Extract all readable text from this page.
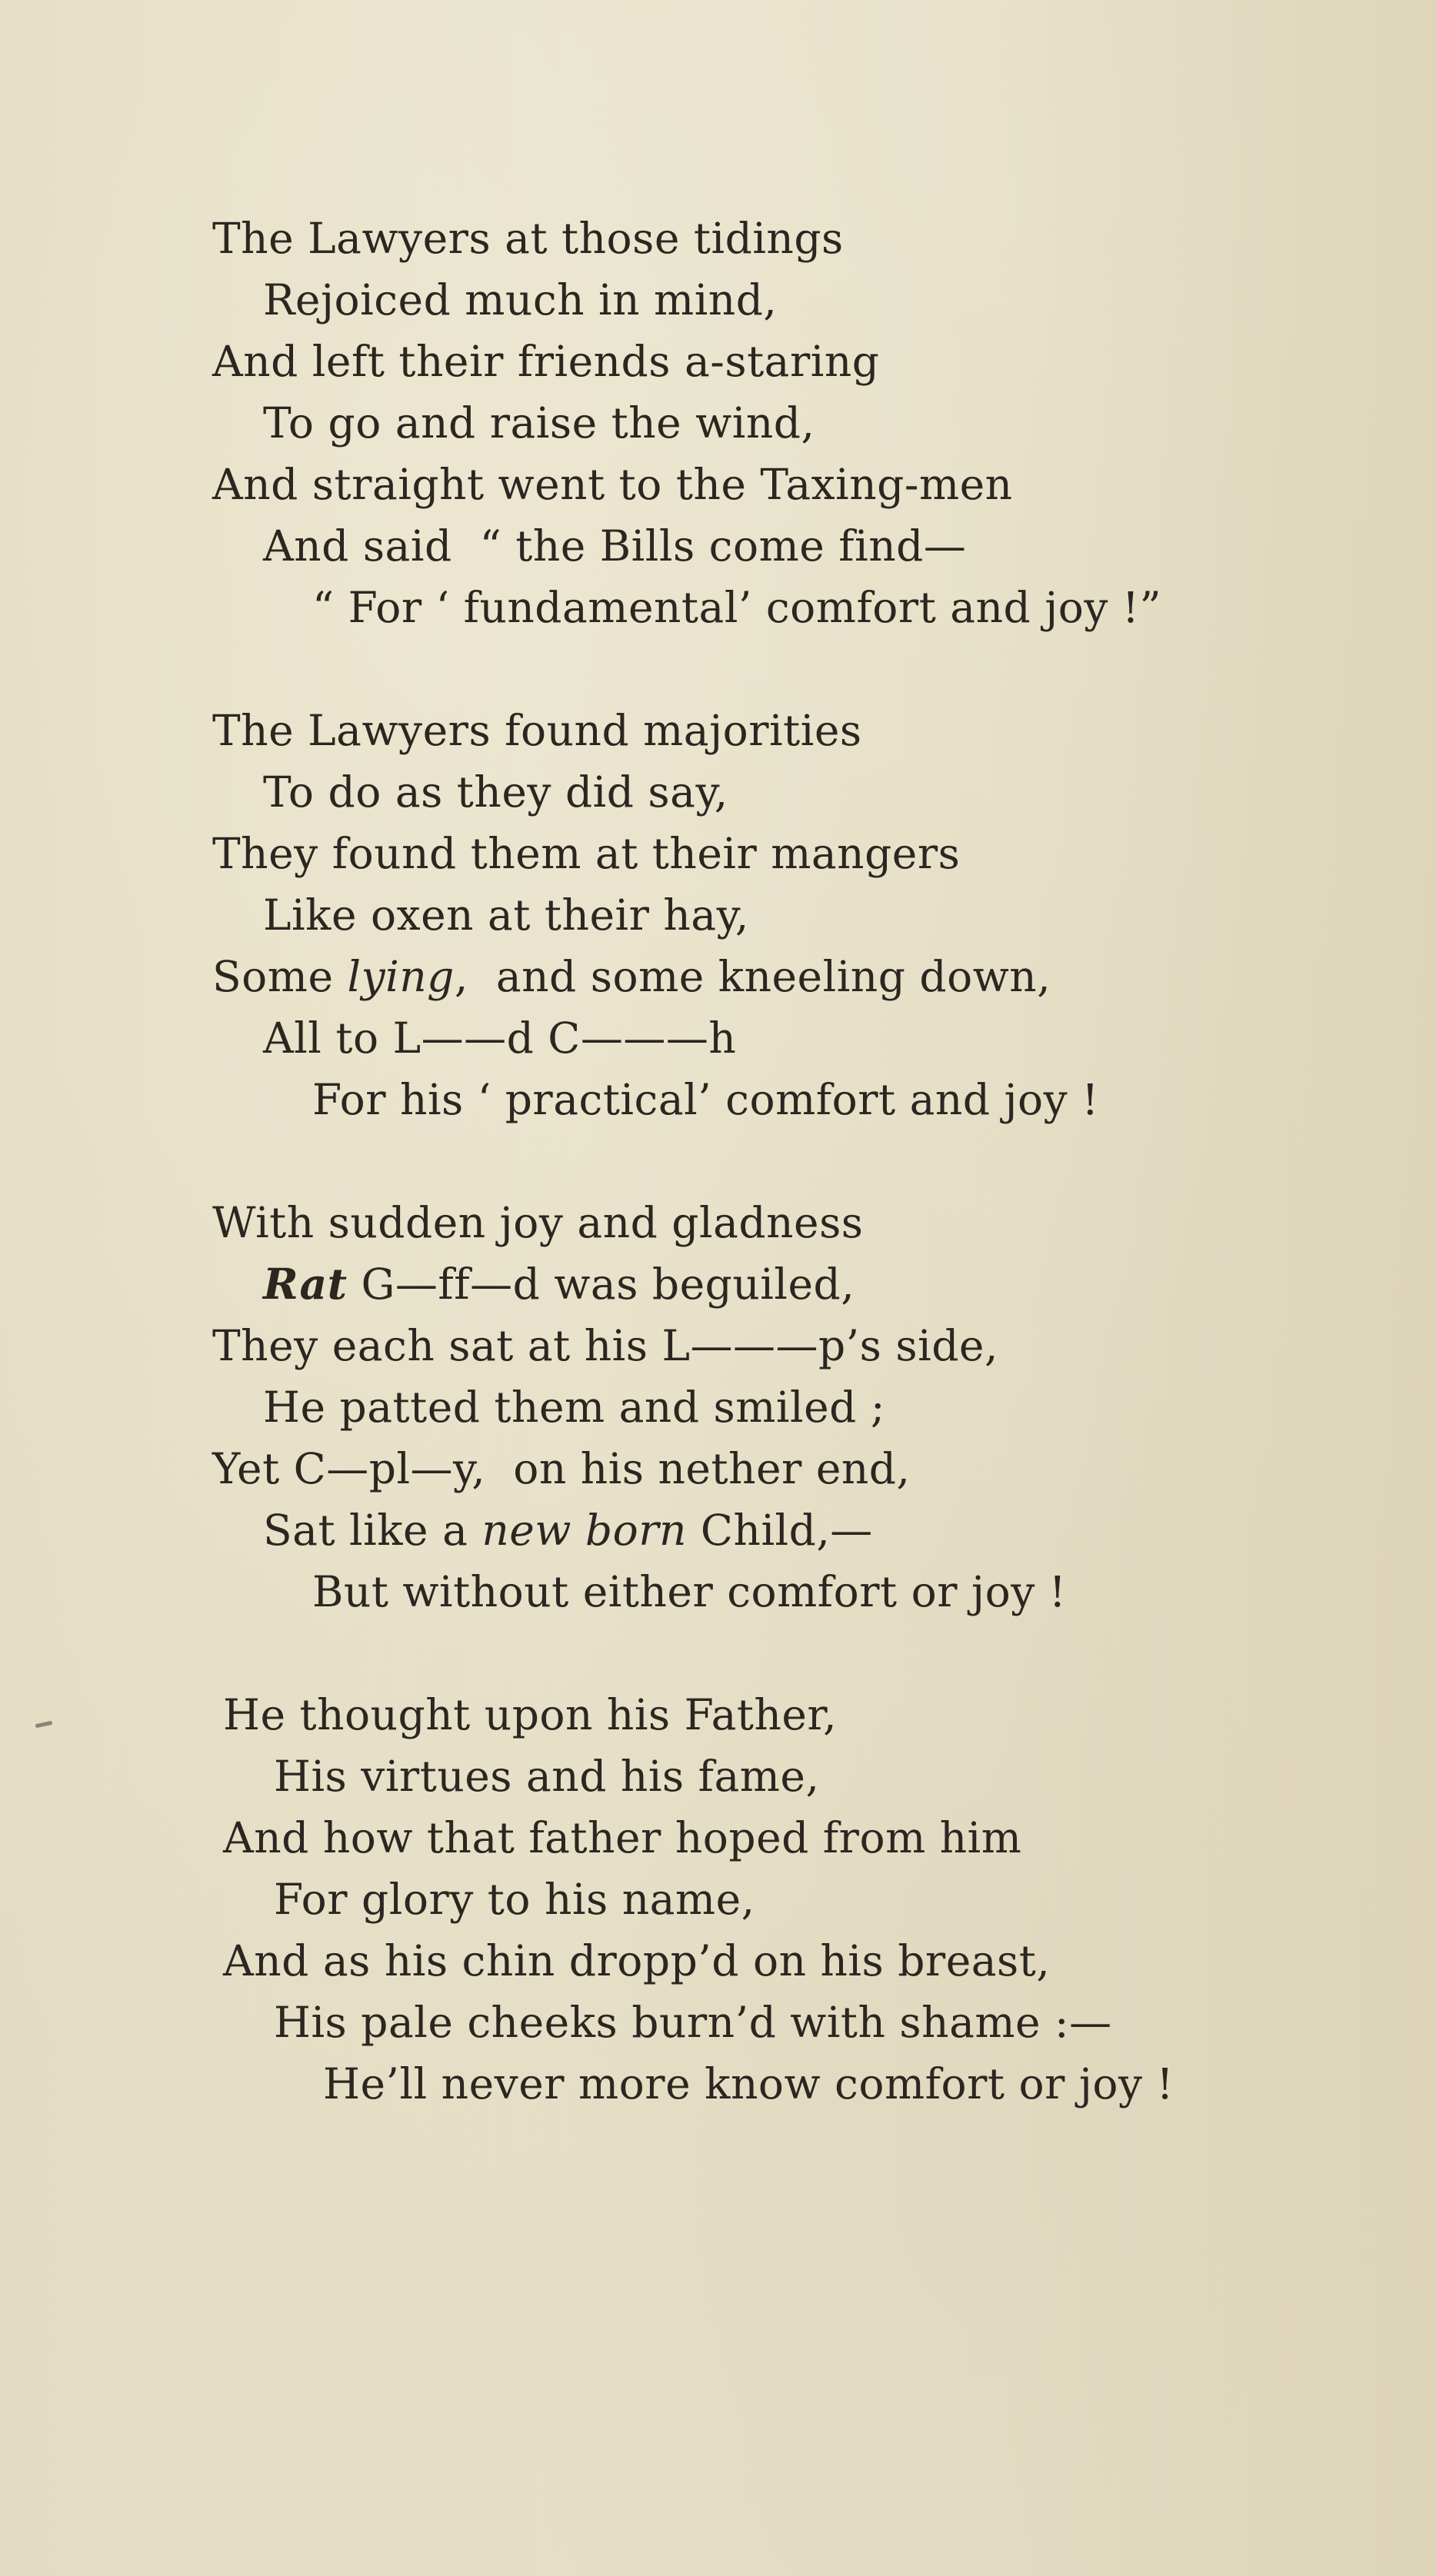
The Lawyers at those tidings
Rejoiced much in mind,
And left their friends a-staring
To go and raise the wind,
And straight went to the Taxing-men
And said  “ the Bills come find—
“ For ‘ fundamental’ comfort and joy !”
The Lawyers found majorities
To do as they did say,
They found them at their mangers
Like oxen at their hay,
Some lying,  and some kneeling down,
All to L——d C———h
For his ‘ practical’ comfort and joy !
With sudden joy and gladness
Rat G—ff—d was beguiled,
They each sat at his L———p’s side,
He patted them and smiled ;
Yet C—pl—y,  on his nether end,
Sat like a new born Child,—
But without either comfort or joy !
He thought upon his Father,
His virtues and his fame,
And how that father hoped from him
For glory to his name,
And as his chin dropp’d on his breast,
His pale cheeks burn’d with shame :—
He’ll never more know comfort or joy !
